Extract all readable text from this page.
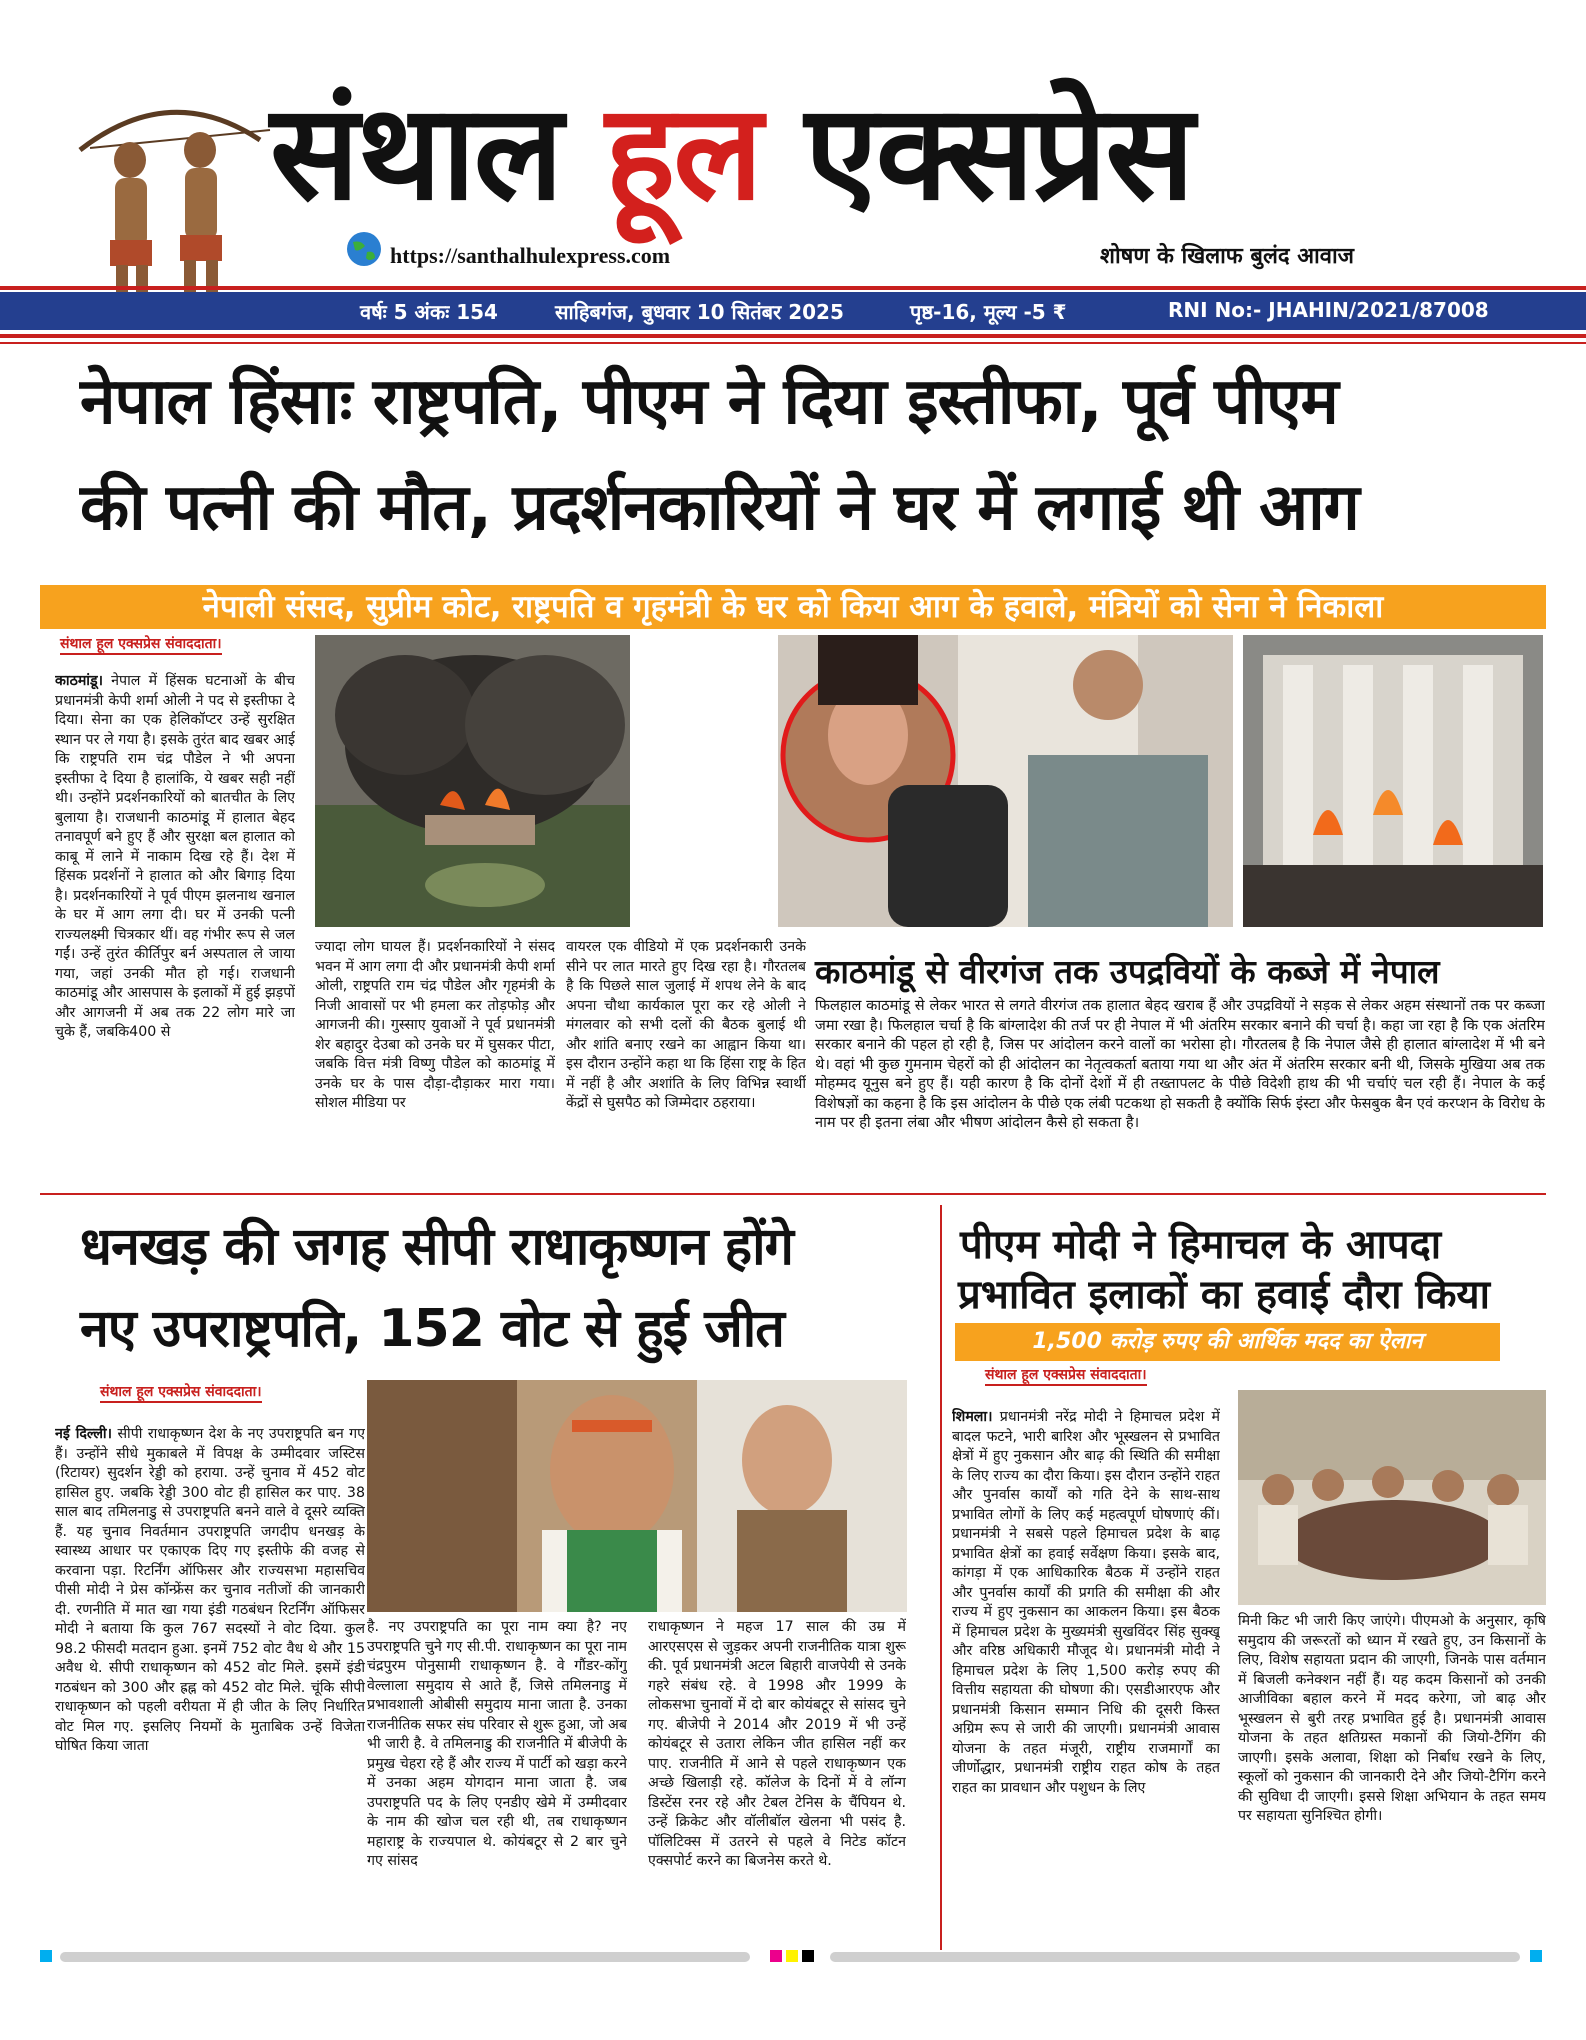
संथाल हूल एक्सप्रेस
https://santhalhulexpress.com	शोषण के खिलाफ बुलंद आवाज
वर्षः 5 अंकः 154	साहिबगंज, बुधवार 10 सितंबर 2025	पृष्ठ-16, मूल्य -5 ₹	RNI No:- JHAHIN/2021/87008
नेपाल हिंसाः राष्ट्रपति, पीएम ने दिया इस्तीफा, पूर्व पीएम
की पत्नी की मौत, प्रदर्शनकारियों ने घर में लगाई थी आग
नेपाली संसद, सुप्रीम कोट, राष्ट्रपति व गृहमंत्री के घर को किया आग के हवाले, मंत्रियों को सेना ने निकाला
संथाल हूल एक्सप्रेस संवाददाता।
काठमांडू। नेपाल में हिंसक घटनाओं के बीच प्रधानमंत्री केपी शर्मा ओली ने पद से इस्तीफा दे दिया। सेना का एक हेलिकॉप्टर उन्हें सुरक्षित स्थान पर ले गया है। इसके तुरंत बाद खबर आई कि राष्ट्रपति राम चंद्र पौडेल ने भी अपना इस्तीफा दे दिया है हालांकि, ये खबर सही नहीं थी। उन्होंने प्रदर्शनकारियों को बातचीत के लिए बुलाया है। राजधानी काठमांडू में हालात बेहद तनावपूर्ण बने हुए हैं और सुरक्षा बल हालात को काबू में लाने में नाकाम दिख रहे हैं। देश में हिंसक प्रदर्शनों ने हालात को और बिगाड़ दिया है। प्रदर्शनकारियों ने पूर्व पीएम झलनाथ खनाल के घर में आग लगा दी। घर में उनकी पत्नी राज्यलक्ष्मी चित्रकार थीं। वह गंभीर रूप से जल गईं। उन्हें तुरंत कीर्तिपुर बर्न अस्पताल ले जाया गया, जहां उनकी मौत हो गई। राजधानी काठमांडू और आसपास के इलाकों में हुई झड़पों और आगजनी में अब तक 22 लोग मारे जा चुके हैं, जबकि400 से
ज्यादा लोग घायल हैं। प्रदर्शनकारियों ने संसद भवन में आग लगा दी और प्रधानमंत्री केपी शर्मा ओली, राष्ट्रपति राम चंद्र पौडेल और गृहमंत्री के निजी आवासों पर भी हमला कर तोड़फोड़ और आगजनी की। गुस्साए युवाओं ने पूर्व प्रधानमंत्री शेर बहादुर देउबा को उनके घर में घुसकर पीटा, जबकि वित्त मंत्री विष्णु पौडेल को काठमांडू में उनके घर के पास दौड़ा-दौड़ाकर मारा गया। सोशल मीडिया पर
वायरल एक वीडियो में एक प्रदर्शनकारी उनके सीने पर लात मारते हुए दिख रहा है। गौरतलब है कि पिछले साल जुलाई में शपथ लेने के बाद अपना चौथा कार्यकाल पूरा कर रहे ओली ने मंगलवार को सभी दलों की बैठक बुलाई थी और शांति बनाए रखने का आह्वान किया था। इस दौरान उन्होंने कहा था कि हिंसा राष्ट्र के हित में नहीं है और अशांति के लिए विभिन्न स्वार्थी केंद्रों से घुसपैठ को जिम्मेदार ठहराया।
काठमांडू से वीरगंज तक उपद्रवियों के कब्जे में नेपाल
फिलहाल काठमांडू से लेकर भारत से लगते वीरगंज तक हालात बेहद खराब हैं और उपद्रवियों ने सड़क से लेकर अहम संस्थानों तक पर कब्जा जमा रखा है। फिलहाल चर्चा है कि बांग्लादेश की तर्ज पर ही नेपाल में भी अंतरिम सरकार बनाने की चर्चा है। कहा जा रहा है कि एक अंतरिम सरकार बनाने की पहल हो रही है, जिस पर आंदोलन करने वालों का भरोसा हो। गौरतलब है कि नेपाल जैसे ही हालात बांग्लादेश में भी बने थे। वहां भी कुछ गुमनाम चेहरों को ही आंदोलन का नेतृत्वकर्ता बताया गया था और अंत में अंतरिम सरकार बनी थी, जिसके मुखिया अब तक मोहम्मद यूनुस बने हुए हैं। यही कारण है कि दोनों देशों में ही तख्तापलट के पीछे विदेशी हाथ की भी चर्चाएं चल रही हैं। नेपाल के कई विशेषज्ञों का कहना है कि इस आंदोलन के पीछे एक लंबी पटकथा हो सकती है क्योंकि सिर्फ इंस्टा और फेसबुक बैन एवं करप्शन के विरोध के नाम पर ही इतना लंबा और भीषण आंदोलन कैसे हो सकता है।
धनखड़ की जगह सीपी राधाकृष्णन होंगे
नए उपराष्ट्रपति, 152 वोट से हुई जीत
संथाल हूल एक्सप्रेस संवाददाता।
नई दिल्ली। सीपी राधाकृष्णन देश के नए उपराष्ट्रपति बन गए हैं। उन्होंने सीधे मुकाबले में विपक्ष के उम्मीदवार जस्टिस (रिटायर) सुदर्शन रेड्डी को हराया. उन्हें चुनाव में 452 वोट हासिल हुए. जबकि रेड्डी 300 वोट ही हासिल कर पाए. 38 साल बाद तमिलनाडु से उपराष्ट्रपति बनने वाले वे दूसरे व्यक्ति हैं. यह चुनाव निवर्तमान उपराष्ट्रपति जगदीप धनखड़ के स्वास्थ्य आधार पर एकाएक दिए गए इस्तीफे की वजह से करवाना पड़ा. रिटर्निंग ऑफिसर और राज्यसभा महासचिव पीसी मोदी ने प्रेस कॉन्फ्रेंस कर चुनाव नतीजों की जानकारी दी. रणनीति में मात खा गया इंडी गठबंधन रिटर्निंग ऑफिसर मोदी ने बताया कि कुल 767 सदस्यों ने वोट दिया. कुल 98.2 फीसदी मतदान हुआ. इनमें 752 वोट वैध थे और 15 अवैध थे. सीपी राधाकृष्णन को 452 वोट मिले. इसमें इंडी गठबंधन को 300 और ह्रह्न को 452 वोट मिले. चूंकि सीपी राधाकृष्णन को पहली वरीयता में ही जीत के लिए निर्धारित वोट मिल गए. इसलिए नियमों के मुताबिक उन्हें विजेता घोषित किया जाता
है. नए उपराष्ट्रपति का पूरा नाम क्या है? नए उपराष्ट्रपति चुने गए सी.पी. राधाकृष्णन का पूरा नाम चंद्रपुरम पोनुसामी राधाकृष्णन है. वे गौंडर-कोंगु वेल्लाला समुदाय से आते हैं, जिसे तमिलनाडु में प्रभावशाली ओबीसी समुदाय माना जाता है. उनका राजनीतिक सफर संघ परिवार से शुरू हुआ, जो अब भी जारी है. वे तमिलनाडु की राजनीति में बीजेपी के प्रमुख चेहरा रहे हैं और राज्य में पार्टी को खड़ा करने में उनका अहम योगदान माना जाता है. जब उपराष्ट्रपति पद के लिए एनडीए खेमे में उम्मीदवार के नाम की खोज चल रही थी, तब राधाकृष्णन महाराष्ट्र के राज्यपाल थे. कोयंबटूर से 2 बार चुने गए सांसद
राधाकृष्णन ने महज 17 साल की उम्र में आरएसएस से जुड़कर अपनी राजनीतिक यात्रा शुरू की. पूर्व प्रधानमंत्री अटल बिहारी वाजपेयी से उनके गहरे संबंध रहे. वे 1998 और 1999 के लोकसभा चुनावों में दो बार कोयंबटूर से सांसद चुने गए. बीजेपी ने 2014 और 2019 में भी उन्हें कोयंबटूर से उतारा लेकिन जीत हासिल नहीं कर पाए. राजनीति में आने से पहले राधाकृष्णन एक अच्छे खिलाड़ी रहे. कॉलेज के दिनों में वे लॉन्ग डिस्टेंस रनर रहे और टेबल टेनिस के चैंपियन थे. उन्हें क्रिकेट और वॉलीबॉल खेलना भी पसंद है. पॉलिटिक्स में उतरने से पहले वे निटेड कॉटन एक्सपोर्ट करने का बिजनेस करते थे.
पीएम मोदी ने हिमाचल के आपदा
प्रभावित इलाकों का हवाई दौरा किया
1,500 करोड़ रुपए की आर्थिक मदद का ऐलान
संथाल हूल एक्सप्रेस संवाददाता।
शिमला। प्रधानमंत्री नरेंद्र मोदी ने हिमाचल प्रदेश में बादल फटने, भारी बारिश और भूस्खलन से प्रभावित क्षेत्रों में हुए नुकसान और बाढ़ की स्थिति की समीक्षा के लिए राज्य का दौरा किया। इस दौरान उन्होंने राहत और पुनर्वास कार्यों को गति देने के साथ-साथ प्रभावित लोगों के लिए कई महत्वपूर्ण घोषणाएं कीं। प्रधानमंत्री ने सबसे पहले हिमाचल प्रदेश के बाढ़ प्रभावित क्षेत्रों का हवाई सर्वेक्षण किया। इसके बाद, कांगड़ा में एक आधिकारिक बैठक में उन्होंने राहत और पुनर्वास कार्यों की प्रगति की समीक्षा की और राज्य में हुए नुकसान का आकलन किया। इस बैठक में हिमाचल प्रदेश के मुख्यमंत्री सुखविंदर सिंह सुक्खू और वरिष्ठ अधिकारी मौजूद थे। प्रधानमंत्री मोदी ने हिमाचल प्रदेश के लिए 1,500 करोड़ रुपए की वित्तीय सहायता की घोषणा की। एसडीआरएफ और प्रधानमंत्री किसान सम्मान निधि की दूसरी किस्त अग्रिम रूप से जारी की जाएगी। प्रधानमंत्री आवास योजना के तहत मंजूरी, राष्ट्रीय राजमार्गों का जीर्णोद्धार, प्रधानमंत्री राष्ट्रीय राहत कोष के तहत राहत का प्रावधान और पशुधन के लिए
मिनी किट भी जारी किए जाएंगे। पीएमओ के अनुसार, कृषि समुदाय की जरूरतों को ध्यान में रखते हुए, उन किसानों के लिए, विशेष सहायता प्रदान की जाएगी, जिनके पास वर्तमान में बिजली कनेक्शन नहीं हैं। यह कदम किसानों को उनकी आजीविका बहाल करने में मदद करेगा, जो बाढ़ और भूस्खलन से बुरी तरह प्रभावित हुई है। प्रधानमंत्री आवास योजना के तहत क्षतिग्रस्त मकानों की जियो-टैगिंग की जाएगी। इसके अलावा, शिक्षा को निर्बाध रखने के लिए, स्कूलों को नुकसान की जानकारी देने और जियो-टैगिंग करने की सुविधा दी जाएगी। इससे शिक्षा अभियान के तहत समय पर सहायता सुनिश्चित होगी।
